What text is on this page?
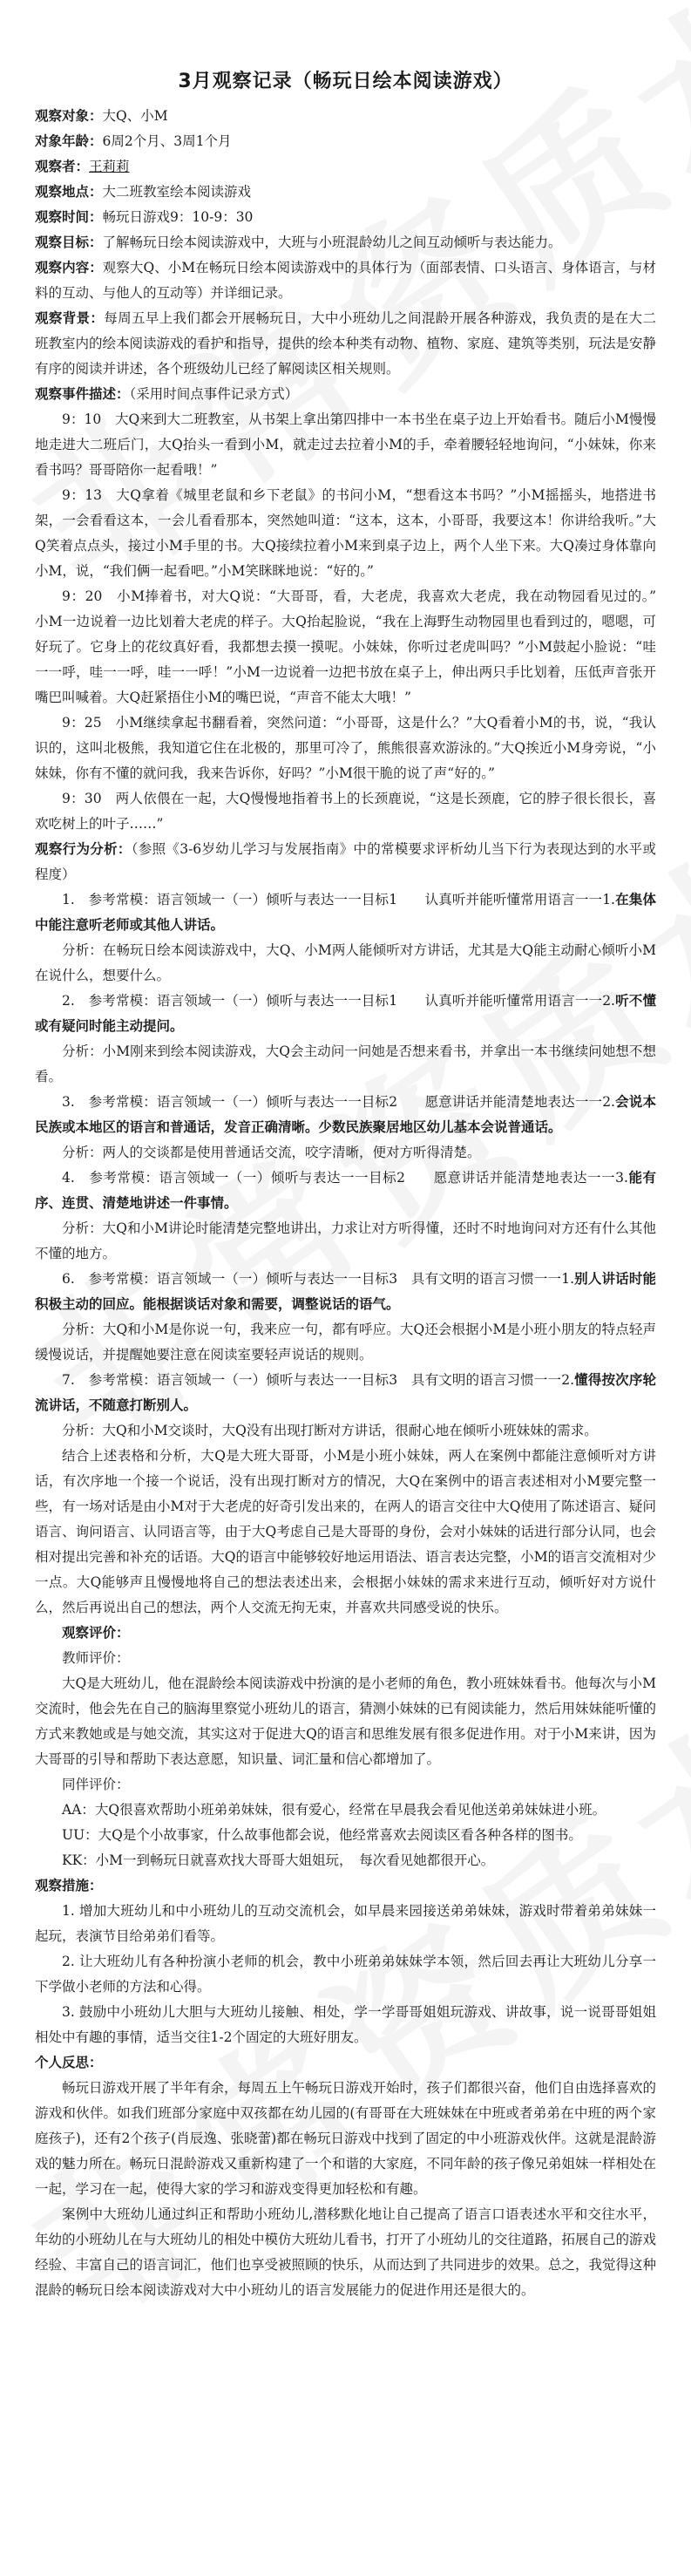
3月观察记录（畅玩日绘本阅读游戏）

观察对象：大Q、小M

对象年龄：6周2个月、3周1个月

观察者：王莉莉

观察地点：大二班教室绘本阅读游戏

观察时间：畅玩日游戏9：10-9：30

观察目标：了解畅玩日绘本阅读游戏中，大班与小班混龄幼儿之间互动倾听与表达能力。

观察内容：观察大Q、小M在畅玩日绘本阅读游戏中的具体行为（面部表情、口头语言、身体语言，与材料的互动、与他人的互动等）并详细记录。

观察背景：每周五早上我们都会开展畅玩日，大中小班幼儿之间混龄开展各种游戏，我负责的是在大二班教室内的绘本阅读游戏的看护和指导，提供的绘本种类有动物、植物、家庭、建筑等类别，玩法是安静有序的阅读并讲述，各个班级幼儿已经了解阅读区相关规则。

观察事件描述：（采用时间点事件记录方式）

9：10　大Q来到大二班教室，从书架上拿出第四排中一本书坐在桌子边上开始看书。随后小M慢慢地走进大二班后门，大Q抬头一看到小M，就走过去拉着小M的手，牵着腰轻轻地询问，“小妹妹，你来看书吗？哥哥陪你一起看哦！”

9：13　大Q拿着《城里老鼠和乡下老鼠》的书问小M，“想看这本书吗？”小M摇摇头，地搭进书架，一会看看这本，一会儿看看那本，突然她叫道：“这本，这本，小哥哥，我要这本！你讲给我听。”大Q笑着点点头，接过小M手里的书。大Q接续拉着小M来到桌子边上，两个人坐下来。大Q凑过身体靠向小M，说，“我们俩一起看吧。”小M笑眯眯地说：“好的。”

9：20　小M捧着书，对大Q说：“大哥哥，看，大老虎，我喜欢大老虎，我在动物园看见过的。”　小M一边说着一边比划着大老虎的样子。大Q抬起脸说，“我在上海野生动物园里也看到过的，嗯嗯，可好玩了。它身上的花纹真好看，我都想去摸一摸呢。小妹妹，你听过老虎叫吗？”小M鼓起小脸说：“哇一一呼，哇一一呼，哇一一呼！”小M一边说着一边把书放在桌子上，伸出两只手比划着，压低声音张开嘴巴叫喊着。大Q赶紧捂住小M的嘴巴说，“声音不能太大哦！”

9：25　小M继续拿起书翻看着，突然问道：“小哥哥，这是什么？”大Q看着小M的书，说，“我认识的，这叫北极熊，我知道它住在北极的，那里可冷了，熊熊很喜欢游泳的。”大Q挨近小M身旁说，“小妹妹，你有不懂的就问我，我来告诉你，好吗？”小M很干脆的说了声“好的。”

9：30　两人依偎在一起，大Q慢慢地指着书上的长颈鹿说，“这是长颈鹿，它的脖子很长很长，喜欢吃树上的叶子……”

观察行为分析：（参照《3-6岁幼儿学习与发展指南》中的常模要求评析幼儿当下行为表现达到的水平或程度）

1.　参考常模：语言领域一（一）倾听与表达一一目标1　　认真听并能听懂常用语言一一1.在集体中能注意听老师或其他人讲话。

分析：在畅玩日绘本阅读游戏中，大Q、小M两人能倾听对方讲话，尤其是大Q能主动耐心倾听小M在说什么，想要什么。

2.　参考常模：语言领域一（一）倾听与表达一一目标1　　认真听并能听懂常用语言一一2.听不懂或有疑问时能主动提问。

分析：小M刚来到绘本阅读游戏，大Q会主动问一问她是否想来看书，并拿出一本书继续问她想不想看。

3.　参考常模：语言领域一（一）倾听与表达一一目标2　　愿意讲话并能清楚地表达一一2.会说本民族或本地区的语言和普通话，发音正确清晰。少数民族聚居地区幼儿基本会说普通话。

分析：两人的交谈都是使用普通话交流，咬字清晰，便对方听得清楚。

4.　参考常模：语言领域一（一）倾听与表达一一目标2　　愿意讲话并能清楚地表达一一3.能有序、连贯、清楚地讲述一件事情。

分析：大Q和小M讲论时能清楚完整地讲出，力求让对方听得懂，还时不时地询问对方还有什么其他不懂的地方。

6.　参考常模：语言领域一（一）倾听与表达一一目标3　具有文明的语言习惯一一1.别人讲话时能积极主动的回应。能根据谈话对象和需要，调整说话的语气。

分析：大Q和小M是你说一句，我来应一句，都有呼应。大Q还会根据小M是小班小朋友的特点轻声缓慢说话，并提醒她要注意在阅读室要轻声说话的规则。

7.　参考常模：语言领域一（一）倾听与表达一一目标3　具有文明的语言习惯一一2.懂得按次序轮流讲话，不随意打断别人。

分析：大Q和小M交谈时，大Q没有出现打断对方讲话，很耐心地在倾听小班妹妹的需求。

结合上述表格和分析，大Q是大班大哥哥，小M是小班小妹妹，两人在案例中都能注意倾听对方讲话，有次序地一个接一个说话，没有出现打断对方的情况，大Q在案例中的语言表述相对小M要完整一些，有一场对话是由小M对于大老虎的好奇引发出来的，在两人的语言交往中大Q使用了陈述语言、疑问语言、询问语言、认同语言等，由于大Q考虑自己是大哥哥的身份，会对小妹妹的话进行部分认同，也会相对提出完善和补充的话语。大Q的语言中能够较好地运用语法、语言表达完整，小M的语言交流相对少一点。大Q能够声且慢慢地将自己的想法表述出来，会根据小妹妹的需求来进行互动，倾听好对方说什么，然后再说出自己的想法，两个人交流无拘无束，并喜欢共同感受说的快乐。

观察评价：

教师评价：

大Q是大班幼儿，他在混龄绘本阅读游戏中扮演的是小老师的角色，教小班妹妹看书。他每次与小M交流时，他会先在自己的脑海里察觉小班幼儿的语言，猜测小妹妹的已有阅读能力，然后用妹妹能听懂的方式来教她或是与她交流，其实这对于促进大Q的语言和思维发展有很多促进作用。对于小M来讲，因为大哥哥的引导和帮助下表达意愿，知识量、词汇量和信心都增加了。

同伴评价：

AA：大Q很喜欢帮助小班弟弟妹妹，很有爱心，经常在早晨我会看见他送弟弟妹妹进小班。

UU：大Q是个小故事家，什么故事他都会说，他经常喜欢去阅读区看各种各样的图书。

KK：小M一到畅玩日就喜欢找大哥哥大姐姐玩，　每次看见她都很开心。

观察措施：

1. 增加大班幼儿和中小班幼儿的互动交流机会，如早晨来园接送弟弟妹妹，游戏时带着弟弟妹妹一起玩，表演节目给弟弟们看等。

2. 让大班幼儿有各种扮演小老师的机会，教中小班弟弟妹妹学本领，然后回去再让大班幼儿分享一下学做小老师的方法和心得。

3. 鼓励中小班幼儿大胆与大班幼儿接触、相处，学一学哥哥姐姐玩游戏、讲故事，说一说哥哥姐姐相处中有趣的事情，适当交往1-2个固定的大班好朋友。

个人反思：

畅玩日游戏开展了半年有余，每周五上午畅玩日游戏开始时，孩子们都很兴奋，他们自由选择喜欢的游戏和伙伴。如我们班部分家庭中双孩都在幼儿园的(有哥哥在大班妹妹在中班或者弟弟在中班的两个家庭孩子)，还有2个孩子(肖辰逸、张晓蕾)都在畅玩日游戏中找到了固定的中小班游戏伙伴。这就是混龄游戏的魅力所在。畅玩日混龄游戏又重新构建了一个和谐的大家庭，不同年龄的孩子像兄弟姐妹一样相处在一起，学习在一起，使得大家的学习和游戏变得更加轻松和有趣。

案例中大班幼儿通过纠正和帮助小班幼儿,潜移默化地让自己提高了语言口语表述水平和交往水平，年幼的小班幼儿在与大班幼儿的相处中模仿大班幼儿看书，打开了小班幼儿的交往道路，拓展自己的游戏经验、丰富自己的语言词汇，他们也享受被照顾的快乐，从而达到了共同进步的效果。总之，我觉得这种混龄的畅玩日绘本阅读游戏对大中小班幼儿的语言发展能力的促进作用还是很大的。
